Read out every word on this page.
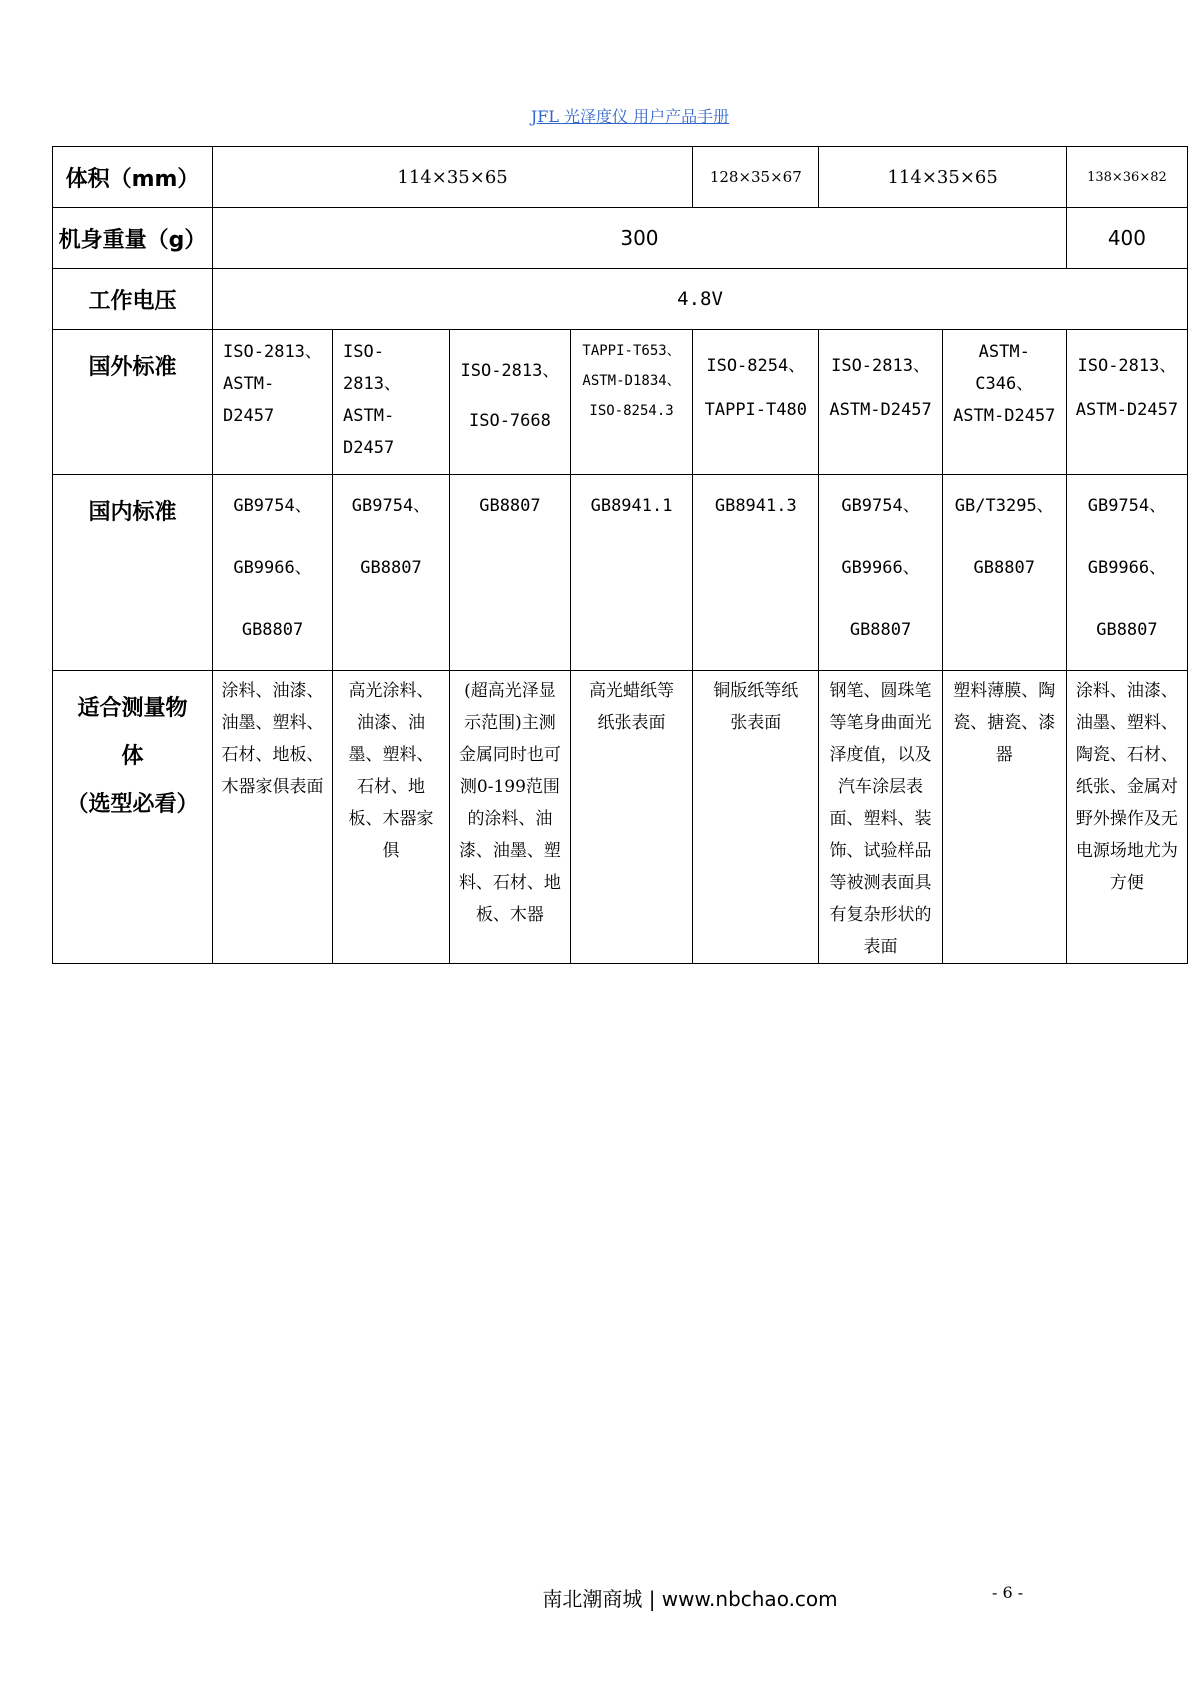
JFL 光泽度仪 用户产品手册
体积（mm）	114×35×65				128×35×67	114×35×65		138×36×82
机身重量（g）	300							400
工作电压	4.8V							
国外标准	ISO-2813、ASTM-D2457	ISO-2813、ASTM-D2457	ISO-2813、ISO-7668	TAPPI-T653、ASTM-D1834、ISO-8254.3	ISO-8254、TAPPI-T480	ISO-2813、ASTM-D2457	ASTM-C346、ASTM-D2457	ISO-2813、ASTM-D2457
国内标准	GB9754、GB9966、GB8807	GB9754、GB8807	GB8807	GB8941.1	GB8941.3	GB9754、GB9966、GB8807	GB/T3295、GB8807	GB9754、GB9966、GB8807

适合测量物体
（选型必看）	涂料、油漆、油墨、塑料、石材、地板、木器家俱表面	高光涂料、油漆、油墨、塑料、石材、地板、木器家俱	(超高光泽显示范围)主测金属同时也可测0-199范围的涂料、油漆、油墨、塑料、石材、地板、木器	高光蜡纸等纸张表面	铜版纸等纸张表面	钢笔、圆珠笔等笔身曲面光泽度值，以及汽车涂层表面、塑料、装饰、试验样品等被测表面具有复杂形状的表面	塑料薄膜、陶瓷、搪瓷、漆器	涂料、油漆、油墨、塑料、陶瓷、石材、纸张、金属对野外操作及无电源场地尤为方便
南北潮商城 | www.nbchao.com	- 6 -
